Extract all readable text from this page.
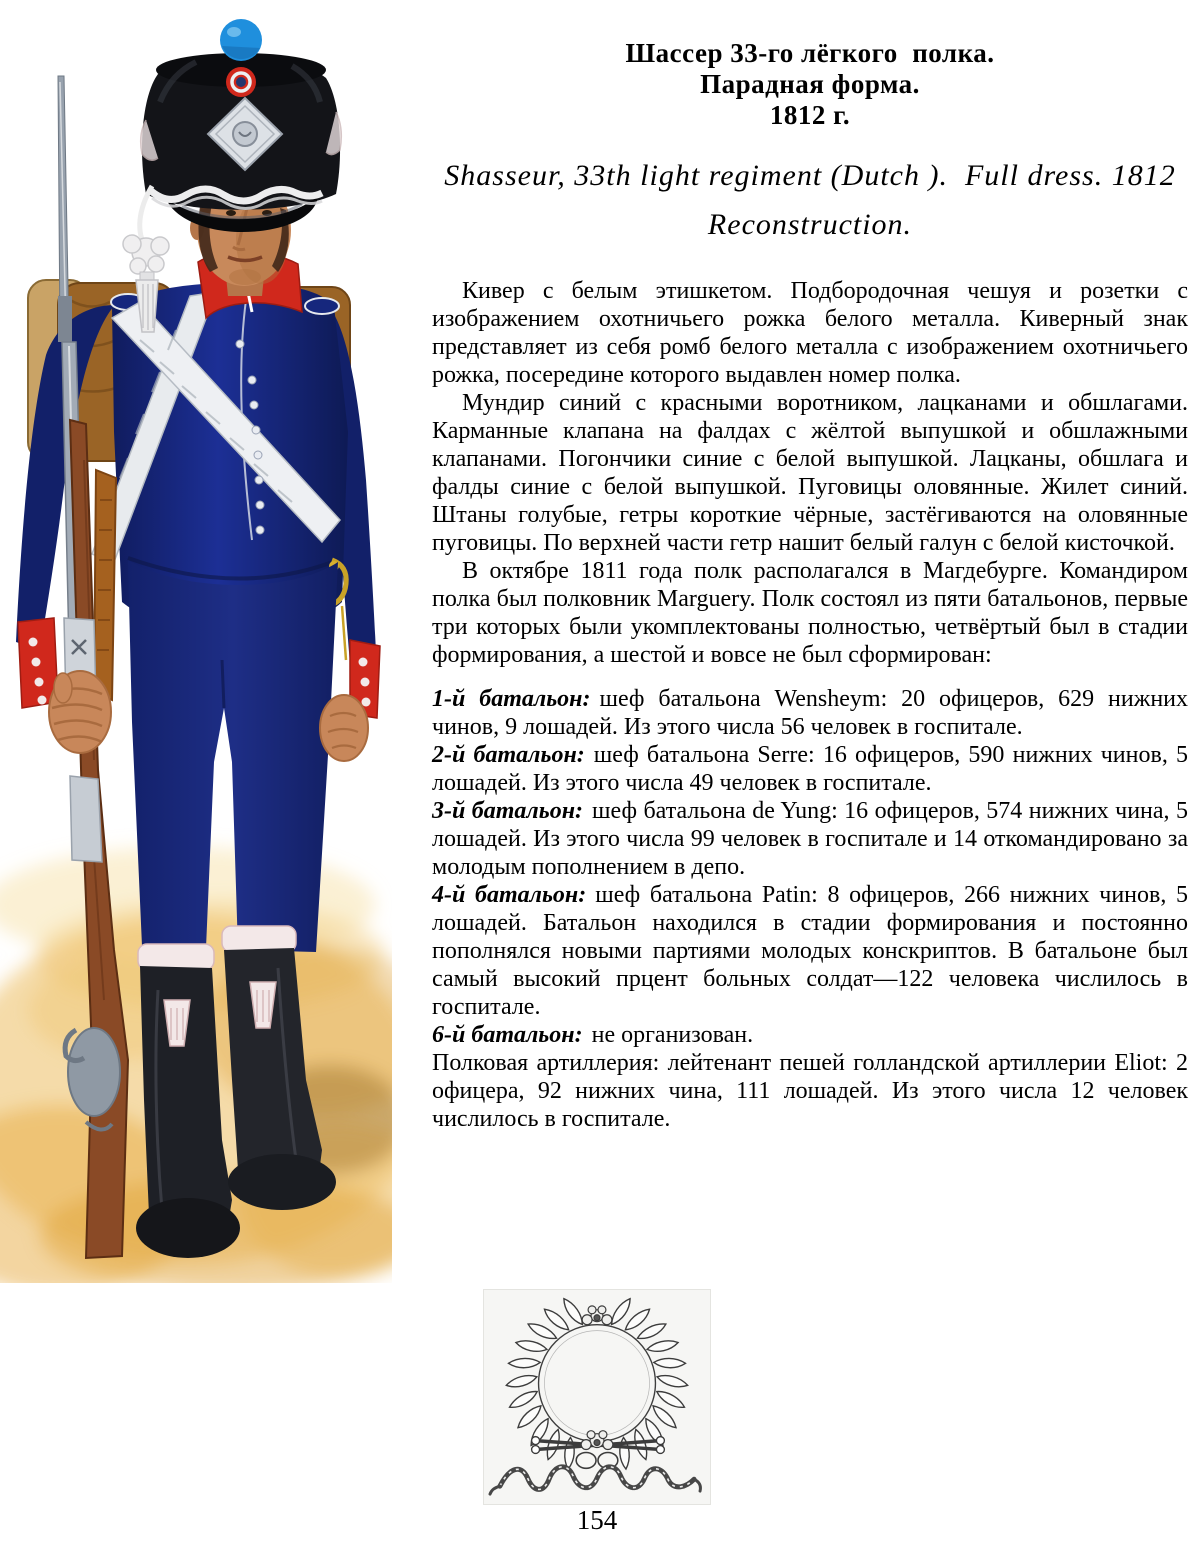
Шассер 33-го лёгкого  полка.
Парадная форма.
1812 г.
Shasseur, 33th light regiment (Dutch ).  Full dress. 1812
Reconstruction.

Кивер с белым этишкетом. Подбородочная чешуя и розетки с изображением охотничьего рожка белого металла. Киверный знак представляет из себя ромб белого металла с изображением охотничьего рожка, посередине которого выдавлен номер полка.

Мундир синий с красными воротником, лацканами и обшлагами. Карманные клапана на фалдах с жёлтой выпушкой и обшлажными клапанами. Погончики синие с белой выпушкой. Лацканы, обшлага и фалды синие с белой выпушкой. Пуговицы оловянные. Жилет синий. Штаны голубые, гетры короткие чёрные, застёгиваются на оловянные пуговицы. По верхней части гетр нашит белый галун с белой кисточкой.

В октябре 1811 года полк располагался в Магдебурге. Командиром полка был полковник Marguery. Полк состоял из пяти батальонов, первые три которых были укомплектованы полностью, четвёртый был в стадии формирования, а шестой и вовсе не был сформирован:

1-й батальон: шеф батальона Wensheym: 20 офицеров, 629 нижних чинов, 9 лошадей. Из этого числа 56 человек в госпитале.

2-й батальон: шеф батальона Serre: 16 офицеров, 590 нижних чинов, 5 лошадей. Из этого числа 49 человек в госпитале.

3-й батальон: шеф батальона de Yung: 16 офицеров, 574 нижних чина, 5 лошадей. Из этого числа 99 человек в госпитале и 14 откомандировано за молодым пополнением в депо.

4-й батальон: шеф батальона Patin: 8 офицеров, 266 нижних чинов, 5 лошадей. Батальон находился в стадии формирования и постоянно пополнялся новыми партиями молодых конскриптов. В батальоне был самый высокий прцент больных солдат—122 человека числилось в госпитале.

6-й батальон: не организован.

Полковая артиллерия: лейтенант пешей голландской артиллерии Eliot: 2 офицера, 92 нижних чина, 111 лошадей. Из этого числа 12 человек числилось в госпитале.

154
